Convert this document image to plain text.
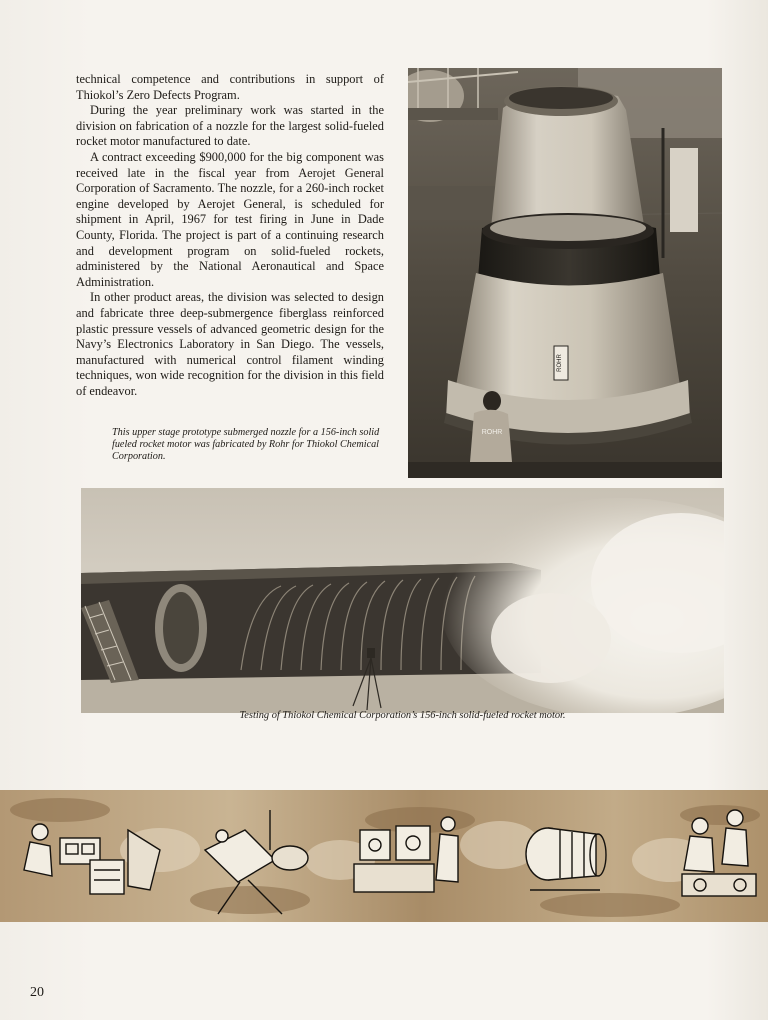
technical competence and contributions in support of Thiokol’s Zero Defects Program.

During the year preliminary work was started in the division on fabrication of a nozzle for the largest solid-fueled rocket motor manufactured to date.

A contract exceeding $900,000 for the big component was received late in the fiscal year from Aerojet General Corporation of Sacramento. The nozzle, for a 260-inch rocket engine developed by Aerojet General, is scheduled for shipment in April, 1967 for test firing in June in Dade County, Florida. The project is part of a continuing research and development program on solid-fueled rockets, administered by the National Aeronautical and Space Administration.

In other product areas, the division was selected to design and fabricate three deep-submergence fiberglass reinforced plastic pressure vessels of advanced geometric design for the Navy’s Electronics Laboratory in San Diego. The vessels, manufactured with numerical control filament winding techniques, won wide recognition for the division in this field of endeavor.

This upper stage prototype submerged nozzle for a 156-inch solid fueled rocket motor was fabricated by Rohr for Thiokol Chemical Corporation.
ROHR
ROHR
Testing of Thiokol Chemical Corporation’s 156-inch solid-fueled rocket motor.
20
